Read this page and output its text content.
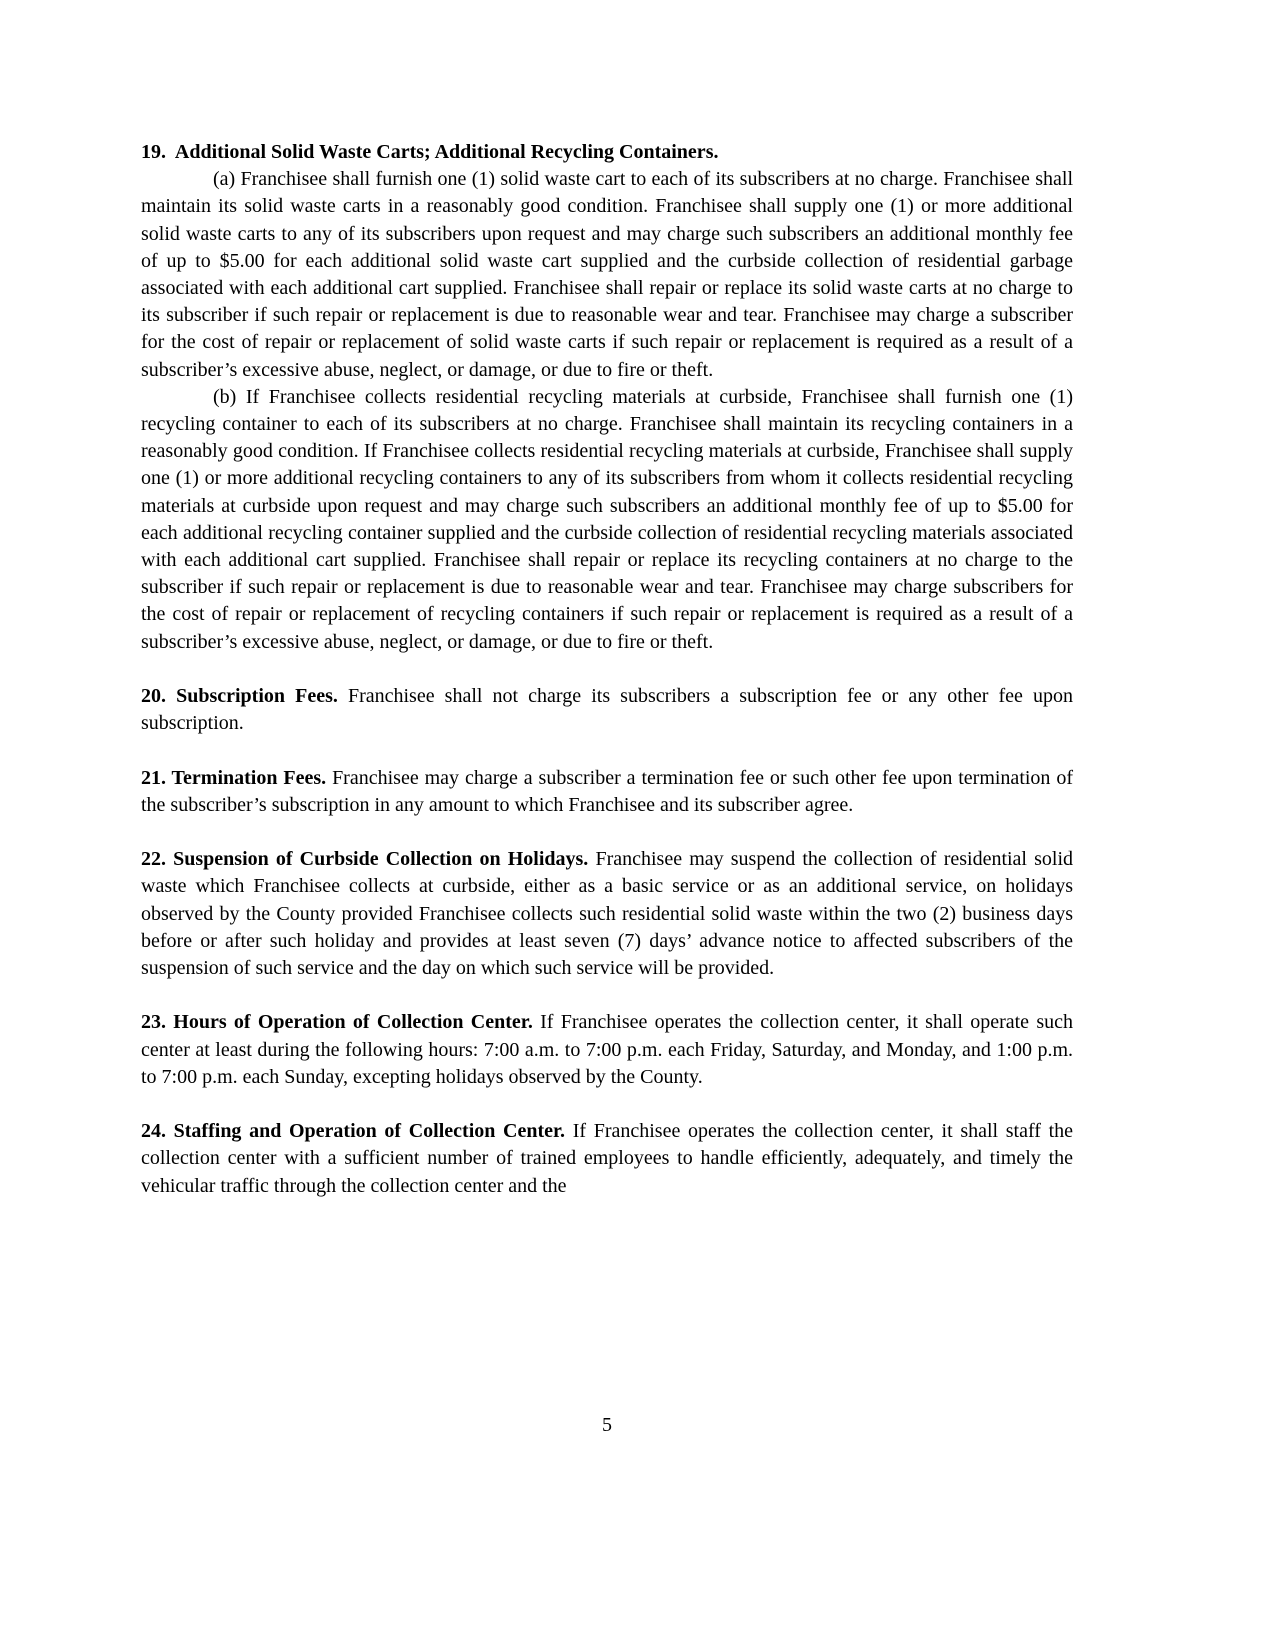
19.  Additional Solid Waste Carts; Additional Recycling Containers.

(a) Franchisee shall furnish one (1) solid waste cart to each of its subscribers at no charge. Franchisee shall maintain its solid waste carts in a reasonably good condition. Franchisee shall supply one (1) or more additional solid waste carts to any of its subscribers upon request and may charge such subscribers an additional monthly fee of up to $5.00 for each additional solid waste cart supplied and the curbside collection of residential garbage associated with each additional cart supplied. Franchisee shall repair or replace its solid waste carts at no charge to its subscriber if such repair or replacement is due to reasonable wear and tear. Franchisee may charge a subscriber for the cost of repair or replacement of solid waste carts if such repair or replacement is required as a result of a subscriber’s excessive abuse, neglect, or damage, or due to fire or theft.

(b) If Franchisee collects residential recycling materials at curbside, Franchisee shall furnish one (1) recycling container to each of its subscribers at no charge. Franchisee shall maintain its recycling containers in a reasonably good condition. If Franchisee collects residential recycling materials at curbside, Franchisee shall supply one (1) or more additional recycling containers to any of its subscribers from whom it collects residential recycling materials at curbside upon request and may charge such subscribers an additional monthly fee of up to $5.00 for each additional recycling container supplied and the curbside collection of residential recycling materials associated with each additional cart supplied. Franchisee shall repair or replace its recycling containers at no charge to the subscriber if such repair or replacement is due to reasonable wear and tear. Franchisee may charge subscribers for the cost of repair or replacement of recycling containers if such repair or replacement is required as a result of a subscriber’s excessive abuse, neglect, or damage, or due to fire or theft.

20. Subscription Fees. Franchisee shall not charge its subscribers a subscription fee or any other fee upon subscription.

21. Termination Fees. Franchisee may charge a subscriber a termination fee or such other fee upon termination of the subscriber’s subscription in any amount to which Franchisee and its subscriber agree.

22. Suspension of Curbside Collection on Holidays. Franchisee may suspend the collection of residential solid waste which Franchisee collects at curbside, either as a basic service or as an additional service, on holidays observed by the County provided Franchisee collects such residential solid waste within the two (2) business days before or after such holiday and provides at least seven (7) days’ advance notice to affected subscribers of the suspension of such service and the day on which such service will be provided.

23. Hours of Operation of Collection Center. If Franchisee operates the collection center, it shall operate such center at least during the following hours: 7:00 a.m. to 7:00 p.m. each Friday, Saturday, and Monday, and 1:00 p.m. to 7:00 p.m. each Sunday, excepting holidays observed by the County.

24. Staffing and Operation of Collection Center. If Franchisee operates the collection center, it shall staff the collection center with a sufficient number of trained employees to handle efficiently, adequately, and timely the vehicular traffic through the collection center and the

5
